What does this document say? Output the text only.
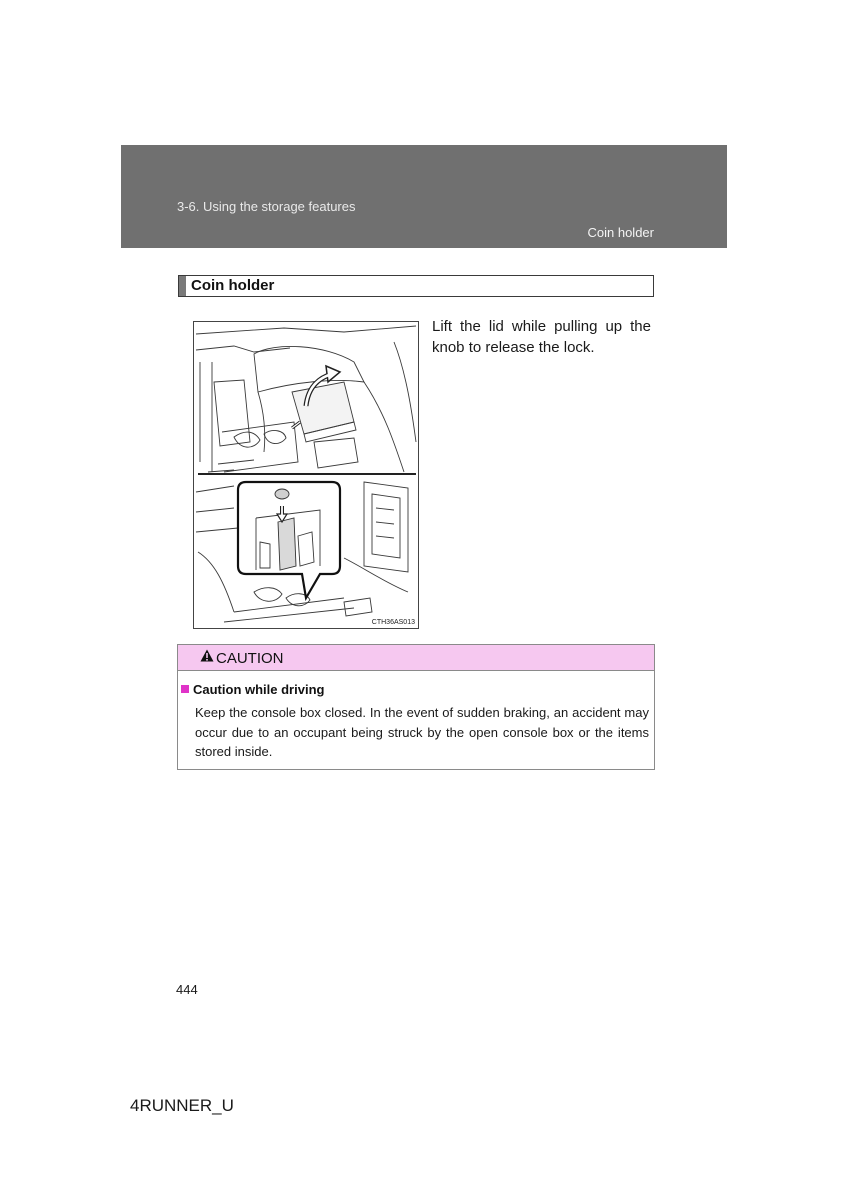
3-6. Using the storage features
Coin holder
Coin holder
CTH36AS013
Lift the lid while pulling up the knob to release the lock.
CAUTION
Caution while driving
Keep the console box closed. In the event of sudden braking, an accident may occur due to an occupant being struck by the open console box or the items stored inside.
444
4RUNNER_U
